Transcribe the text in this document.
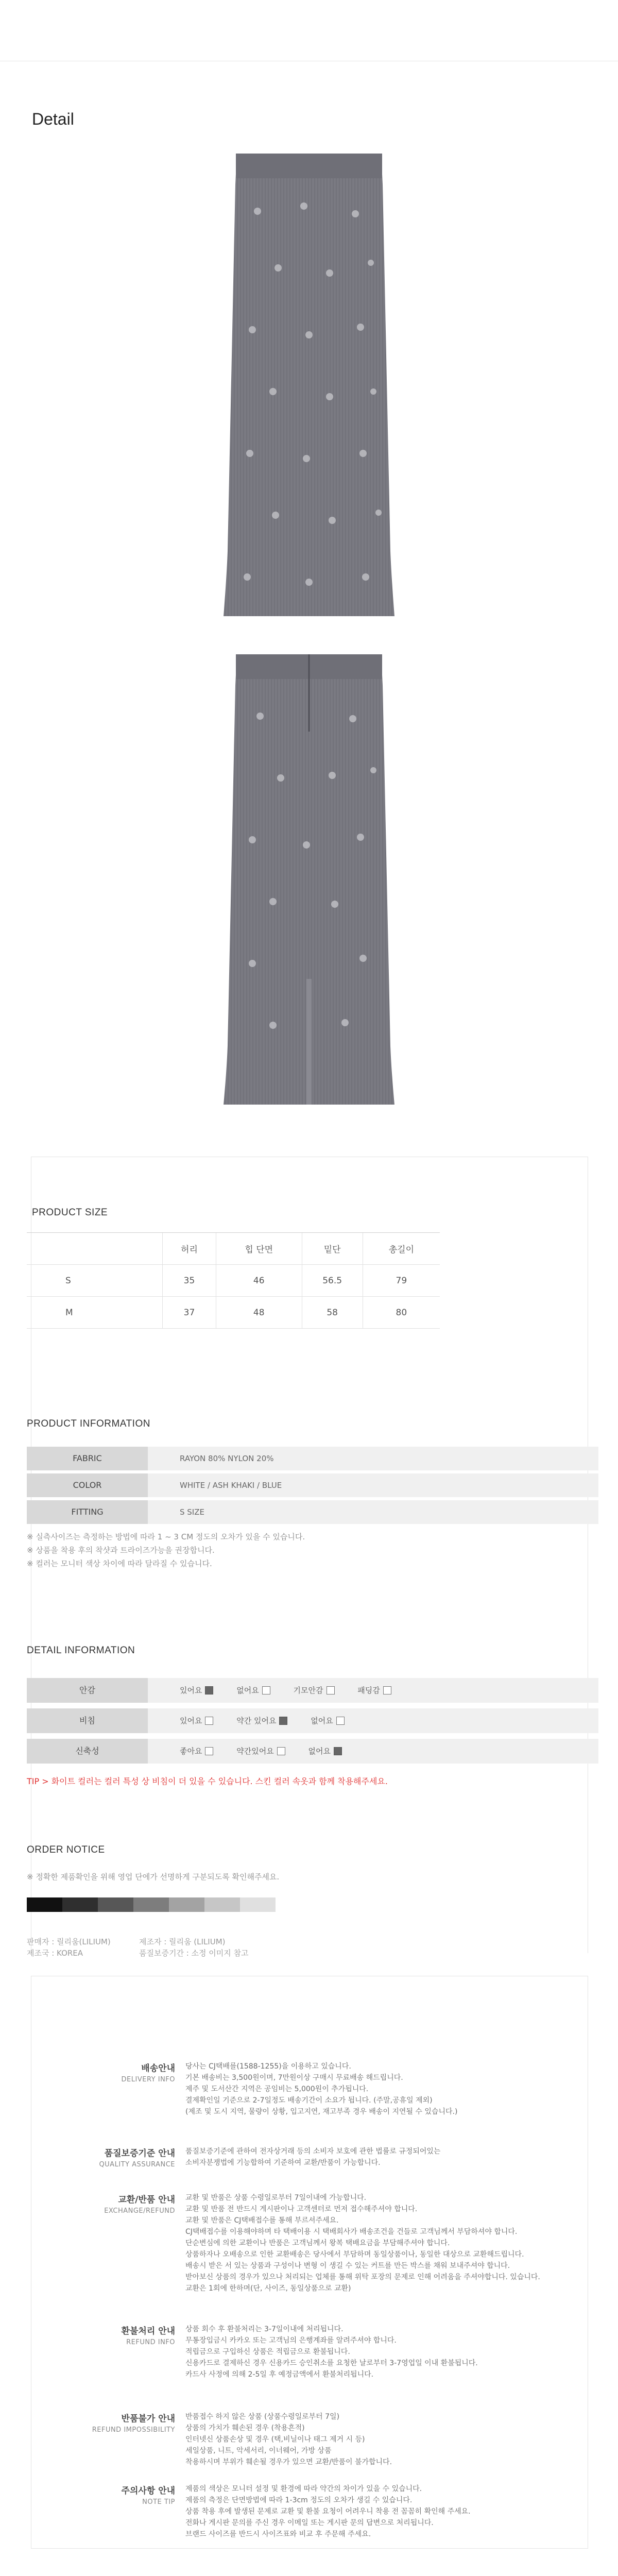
Detail
PRODUCT SIZE
	허리	힙 단면	밑단	총길이
S	35	46	56.5	79
M	37	48	58	80
PRODUCT INFORMATION
FABRIC	RAYON 80% NYLON 20%
COLOR	WHITE / ASH KHAKI / BLUE
FITTING	S SIZE
※ 실측사이즈는 측정하는 방법에 따라 1 ~ 3 CM 정도의 오차가 있을 수 있습니다.
※ 상품을 착용 후의 착샷과 트라이즈가능을 권장합니다.
※ 컬러는 모니터 색상 차이에 따라 달라질 수 있습니다.
DETAIL INFORMATION
안감	있어요	없어요	기모안감	패딩감
비침	있어요	약간 있어요	없어요
신축성	좋아요	약간있어요	없어요
TIP > 화이트 컬러는 컬러 특성 상 비침이 더 있을 수 있습니다. 스킨 컬러 속옷과 함께 착용해주세요.
ORDER NOTICE
※ 정확한 제품확인을 위해 영업 단에가 선명하게 구분되도록 확인해주세요.
판매자 : 릴리움(LILIUM)
제조국 : KOREA
제조자 : 릴리움 (LILIUM)
품질보증기간 : 소정 이미지 참고
배송안내
DELIVERY INFO
당사는 CJ택배를(1588-1255)을 이용하고 있습니다.
기본 배송비는 3,500원이며, 7만원이상 구매시 무료배송 해드립니다.
제주 및 도서산간 지역은 공임비는 5,000원이 추가됩니다.
결제확인일 기준으로 2-7일정도 배송기간이 소요가 됩니다. (주말,공휴일 제외)
(제조 및 도시 지역, 물량이 상황, 입고지연, 재고부족 경우 배송이 지연될 수 있습니다.)
품질보증기준 안내
QUALITY ASSURANCE
품질보증기준에 관하여 전자상거래 등의 소비자 보호에 관한 법률로 규정되어있는
소비자분쟁법에 기능합하여 기준하여 교환/반품이 가능합니다.
교환/반품 안내
EXCHANGE/REFUND
교환 및 반품은 상품 수령일로부터 7일이내에 가능합니다.
교환 및 반품 전 반드시 게시판이나 고객센터로 먼저 접수해주셔야 합니다.
교환 및 반품은 CJ택배접수를 통해 부르셔주세요.
CJ택배접수를 이용해야하며 타 택배이용 시 택배회사가 배송조건을 건들로 고객님께서 부담하셔야 합니다.
단순변심에 의한 교환이나 반품은 고객님께서 왕복 택배요금을 부담해주셔야 합니다.
상품하자나 오배송으로 인한 교환배송은 당사에서 부담하며 동일상품이나, 동일한 대상으로 교환해드립니다.
배송시 받은 서 있는 상품과 구성이나 변형 이 생길 수 있는 커트를 만든 박스를 채워 보내주셔야 합니다.
받아보신 상품의 경우가 있으나 처리되는 업체를 통해 위탁 포장의 문제로 인해 어려움을 주셔야합니다. 있습니다.
교환은 1회에 한하며(단, 사이즈, 동일상품으로 교환)
환불처리 안내
REFUND INFO
상품 회수 후 환불처리는 3-7일이내에 처리됩니다.
무통장입금시 카카오 또는 고객님의 은행계좌를 알려주셔야 합니다.
적립금으로 구입하신 상품은 적립금으로 환불됩니다.
신용카드로 결제하신 경우 신용카드 승인취소를 요청한 날로부터 3-7영업일 이내 환불됩니다.
카드사 사정에 의해 2-5일 후 예정금액에서 환불처리됩니다.
반품불가 안내
REFUND IMPOSSIBILITY
반품접수 하지 않은 상품 (상품수령일로부터 7일)
상품의 가치가 훼손된 경우 (착용흔적)
인터넷신 상품손상 및 경우 (택,비닐이나 태그 제거 시 등)
세일상품, 니트, 악세서리, 이너웨어, 가방 상품
착용하시며 부위가 훼손될 경우가 있으면 교환/반품이 불가합니다.
주의사항 안내
NOTE TIP
제품의 색상은 모니터 설정 및 환경에 따라 약간의 차이가 있을 수 있습니다.
제품의 측정은 단면방법에 따라 1-3cm 정도의 오차가 생길 수 있습니다.
상품 착용 후에 발생된 문제로 교환 및 환불 요청이 어려우니 착용 전 꼼꼼히 확인해 주세요.
전화나 게시판 문의를 주신 경우 이메일 또는 게시판 문의 답변으로 처리됩니다.
브랜드 사이즈를 반드시 사이즈표와 비교 후 주문해 주세요.
